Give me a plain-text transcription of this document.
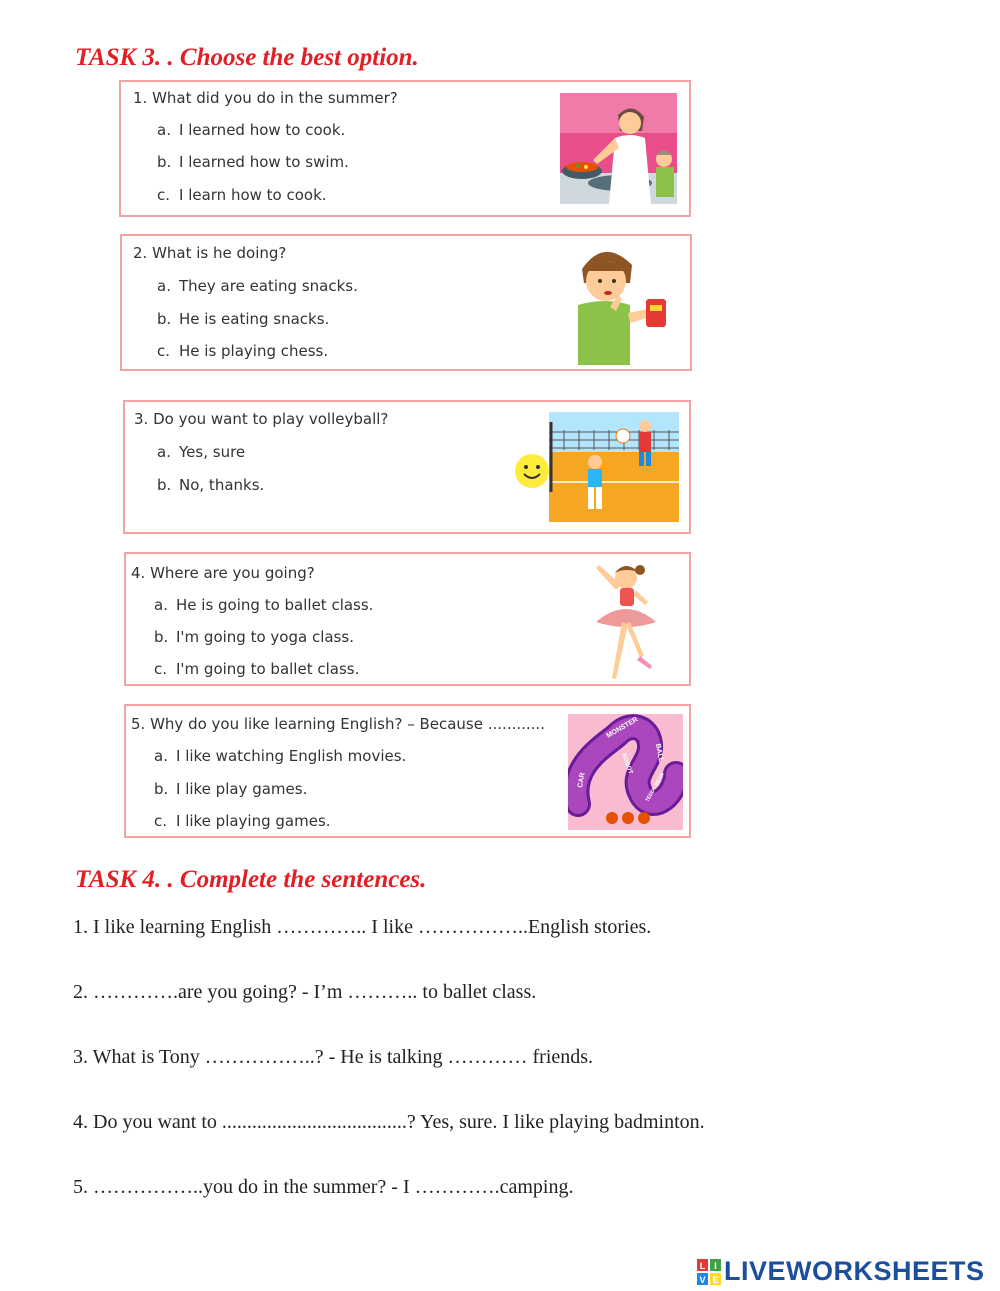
TASK 3. . Choose the best option.
1. What did you do in the summer?
a. I learned how to cook.
b. I learned how to swim.
c. I learn how to cook.
2. What is he doing?
a. They are eating snacks.
b. He is eating snacks.
c. He is playing chess.
3. Do you want to play volleyball?
a. Yes, sure
b. No, thanks.
4. Where are you going?
a. He is going to ballet class.
b. I'm going to yoga class.
c. I'm going to ballet class.
5. Why do you like learning English? – Because ............
a. I like watching English movies.
b. I like play games.
c. I like playing games.
MONSTER
ROBOT
CAR
BALL
TEDDY BEAR
TASK 4. . Complete the sentences.
1. I like learning English ………….. I like ……………..English stories.
2. ………….are you going? - I’m ……….. to ballet class.
3. What is Tony ……………..? - He is talking ………… friends.
4. Do you want to .....................................? Yes, sure. I like playing badminton.
5. ……………..you do in the summer? - I ………….camping.
L I
V E LIVEWORKSHEETS
